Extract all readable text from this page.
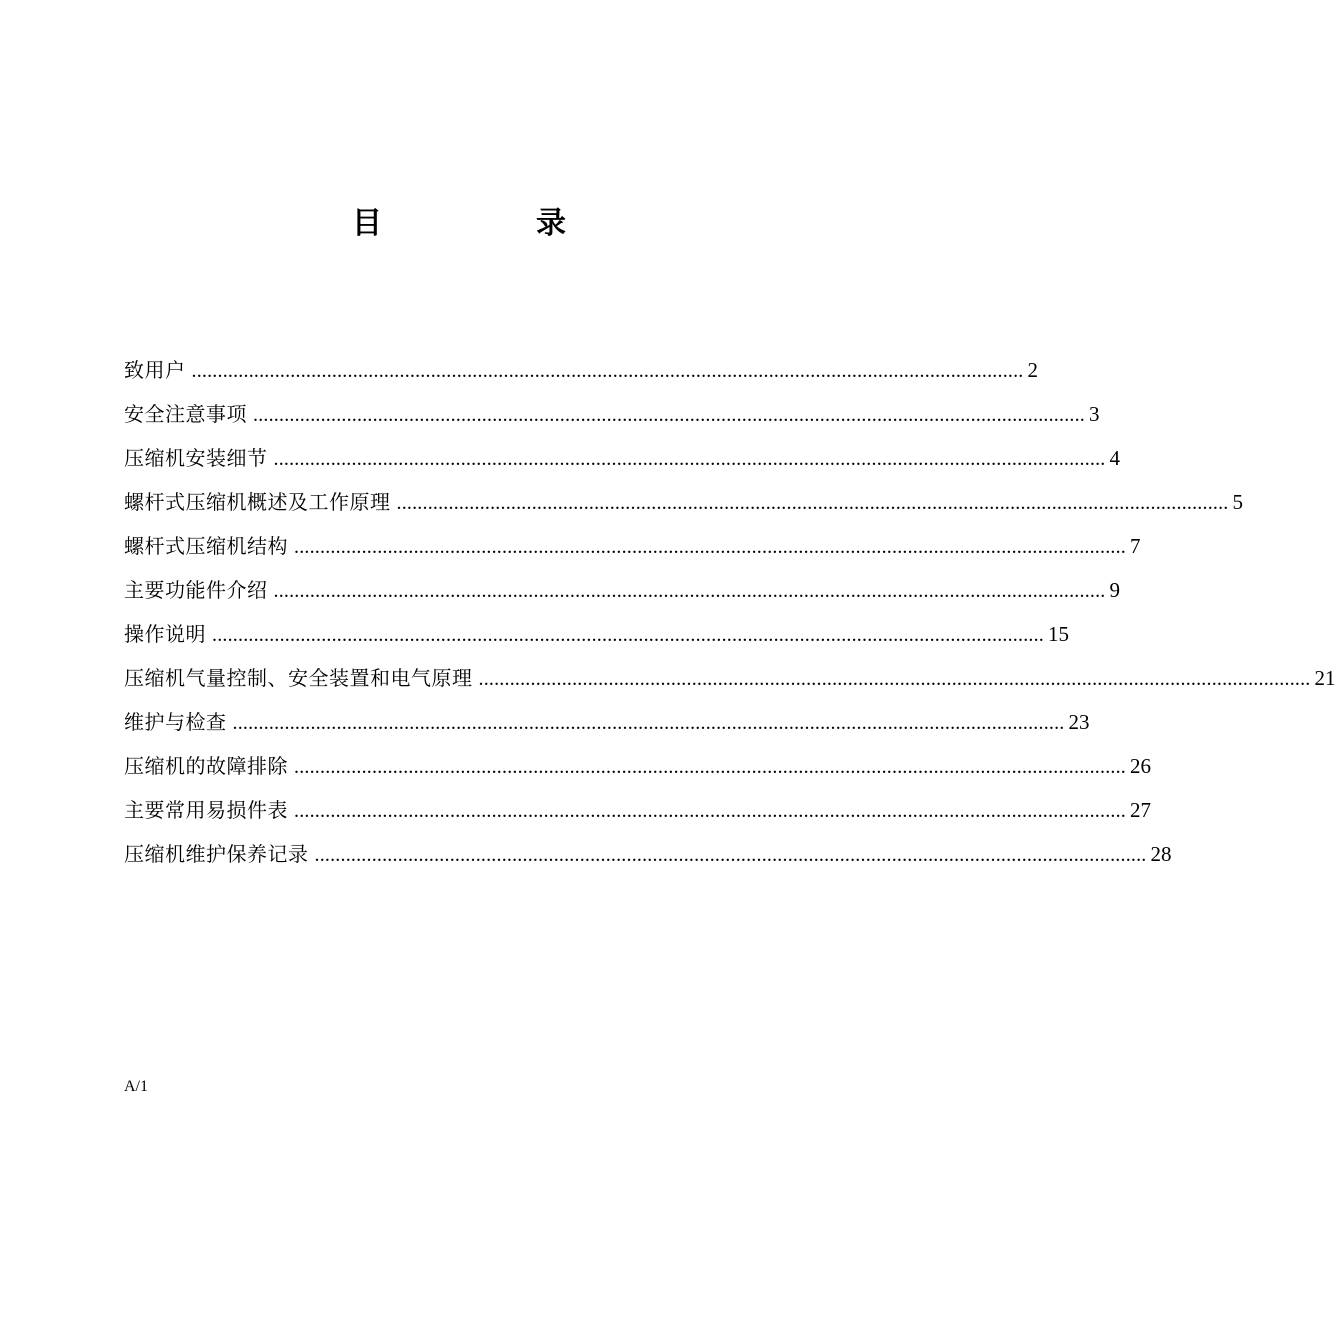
目　录
致用户 ................................................................................................................................................................ 2
安全注意事项 ................................................................................................................................................................ 3
压缩机安装细节 ................................................................................................................................................................ 4
螺杆式压缩机概述及工作原理 ................................................................................................................................................................ 5
螺杆式压缩机结构 ................................................................................................................................................................ 7
主要功能件介绍 ................................................................................................................................................................ 9
操作说明 ................................................................................................................................................................ 15
压缩机气量控制、安全装置和电气原理 ................................................................................................................................................................ 21
维护与检查 ................................................................................................................................................................ 23
压缩机的故障排除 ................................................................................................................................................................ 26
主要常用易损件表 ................................................................................................................................................................ 27
压缩机维护保养记录 ................................................................................................................................................................ 28
A/1
